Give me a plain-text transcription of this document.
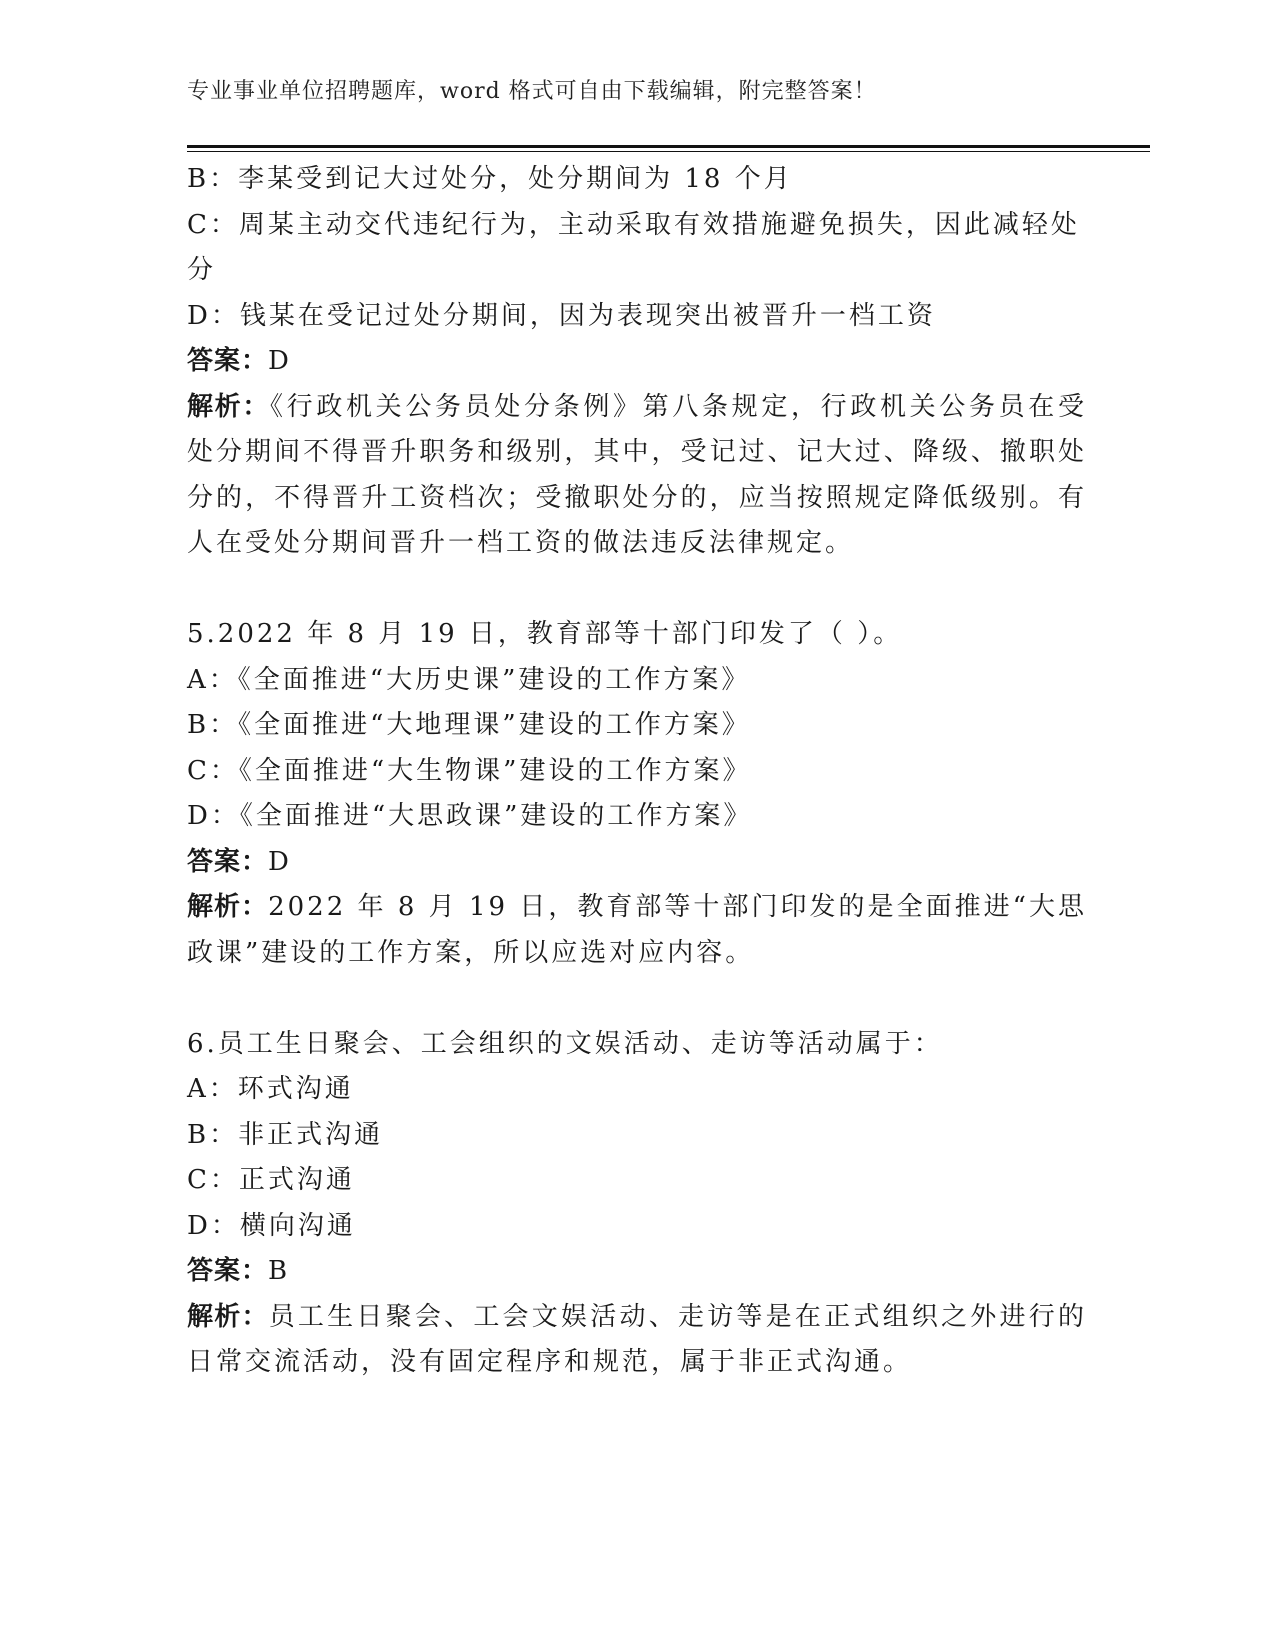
专业事业单位招聘题库，word 格式可自由下载编辑，附完整答案！

B：李某受到记大过处分，处分期间为 18 个月

C：周某主动交代违纪行为，主动采取有效措施避免损失，因此减轻处分

D：钱某在受记过处分期间，因为表现突出被晋升一档工资

答案：D

解析：《行政机关公务员处分条例》第八条规定，行政机关公务员在受处分期间不得晋升职务和级别，其中，受记过、记大过、降级、撤职处分的，不得晋升工资档次；受撤职处分的，应当按照规定降低级别。有人在受处分期间晋升一档工资的做法违反法律规定。

5.2022 年 8 月 19 日，教育部等十部门印发了（ ）。

A：《全面推进“大历史课”建设的工作方案》

B：《全面推进“大地理课”建设的工作方案》

C：《全面推进“大生物课”建设的工作方案》

D：《全面推进“大思政课”建设的工作方案》

答案：D

解析：2022 年 8 月 19 日，教育部等十部门印发的是全面推进“大思政课”建设的工作方案，所以应选对应内容。

6.员工生日聚会、工会组织的文娱活动、走访等活动属于：

A：环式沟通

B：非正式沟通

C：正式沟通

D：横向沟通

答案：B

解析：员工生日聚会、工会文娱活动、走访等是在正式组织之外进行的日常交流活动，没有固定程序和规范，属于非正式沟通。
